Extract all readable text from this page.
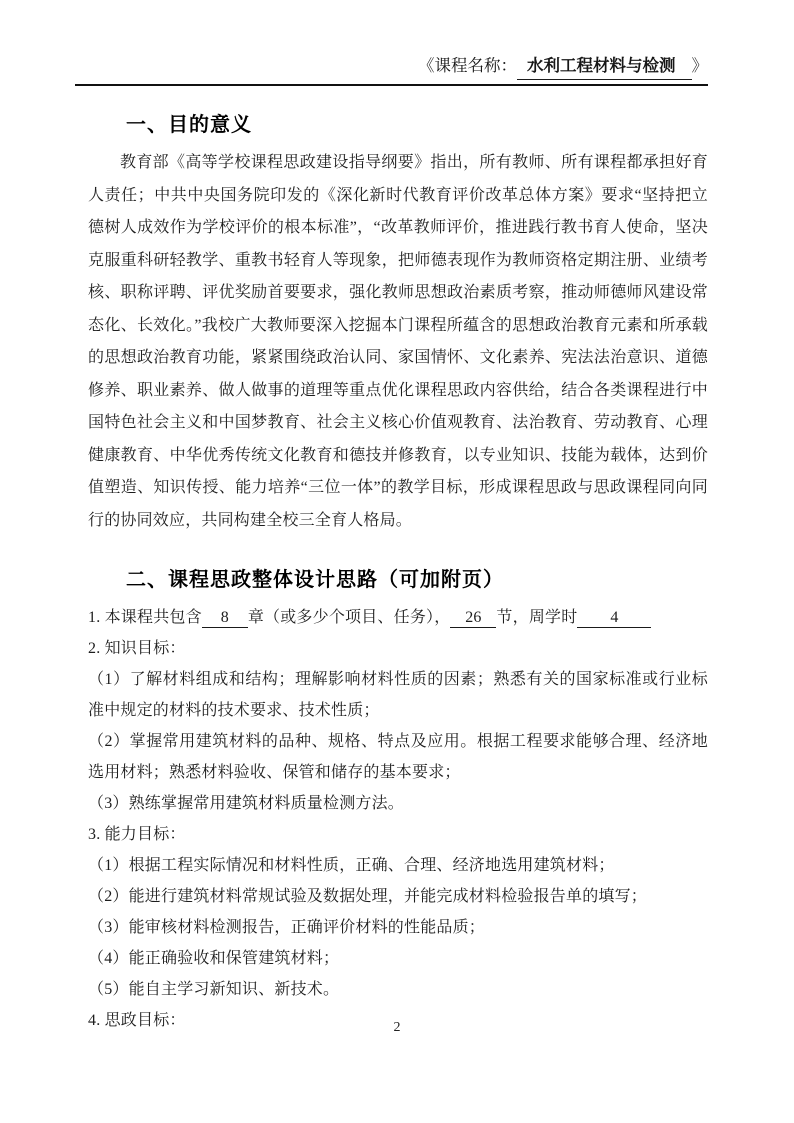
《课程名称： 水利工程材料与检测 》
一、目的意义

教育部《高等学校课程思政建设指导纲要》指出，所有教师、所有课程都承担好育人责任；中共中央国务院印发的《深化新时代教育评价改革总体方案》要求“坚持把立德树人成效作为学校评价的根本标准”，“改革教师评价，推进践行教书育人使命，坚决克服重科研轻教学、重教书轻育人等现象，把师德表现作为教师资格定期注册、业绩考核、职称评聘、评优奖励首要要求，强化教师思想政治素质考察，推动师德师风建设常态化、长效化。”我校广大教师要深入挖掘本门课程所蕴含的思想政治教育元素和所承载的思想政治教育功能，紧紧围绕政治认同、家国情怀、文化素养、宪法法治意识、道德修养、职业素养、做人做事的道理等重点优化课程思政内容供给，结合各类课程进行中国特色社会主义和中国梦教育、社会主义核心价值观教育、法治教育、劳动教育、心理健康教育、中华优秀传统文化教育和德技并修教育，以专业知识、技能为载体，达到价值塑造、知识传授、能力培养“三位一体”的教学目标，形成课程思政与思政课程同向同行的协同效应，共同构建全校三全育人格局。

二、课程思政整体设计思路（可加附页）
1. 本课程共包含 8 章（或多少个项目、任务）， 26 节，周学时 4
2. 知识目标：
（1）了解材料组成和结构；理解影响材料性质的因素；熟悉有关的国家标准或行业标准中规定的材料的技术要求、技术性质；
（2）掌握常用建筑材料的品种、规格、特点及应用。根据工程要求能够合理、经济地选用材料；熟悉材料验收、保管和储存的基本要求；
（3）熟练掌握常用建筑材料质量检测方法。
3. 能力目标：
（1）根据工程实际情况和材料性质，正确、合理、经济地选用建筑材料；
（2）能进行建筑材料常规试验及数据处理，并能完成材料检验报告单的填写；
（3）能审核材料检测报告，正确评价材料的性能品质；
（4）能正确验收和保管建筑材料；
（5）能自主学习新知识、新技术。
4. 思政目标：	2
